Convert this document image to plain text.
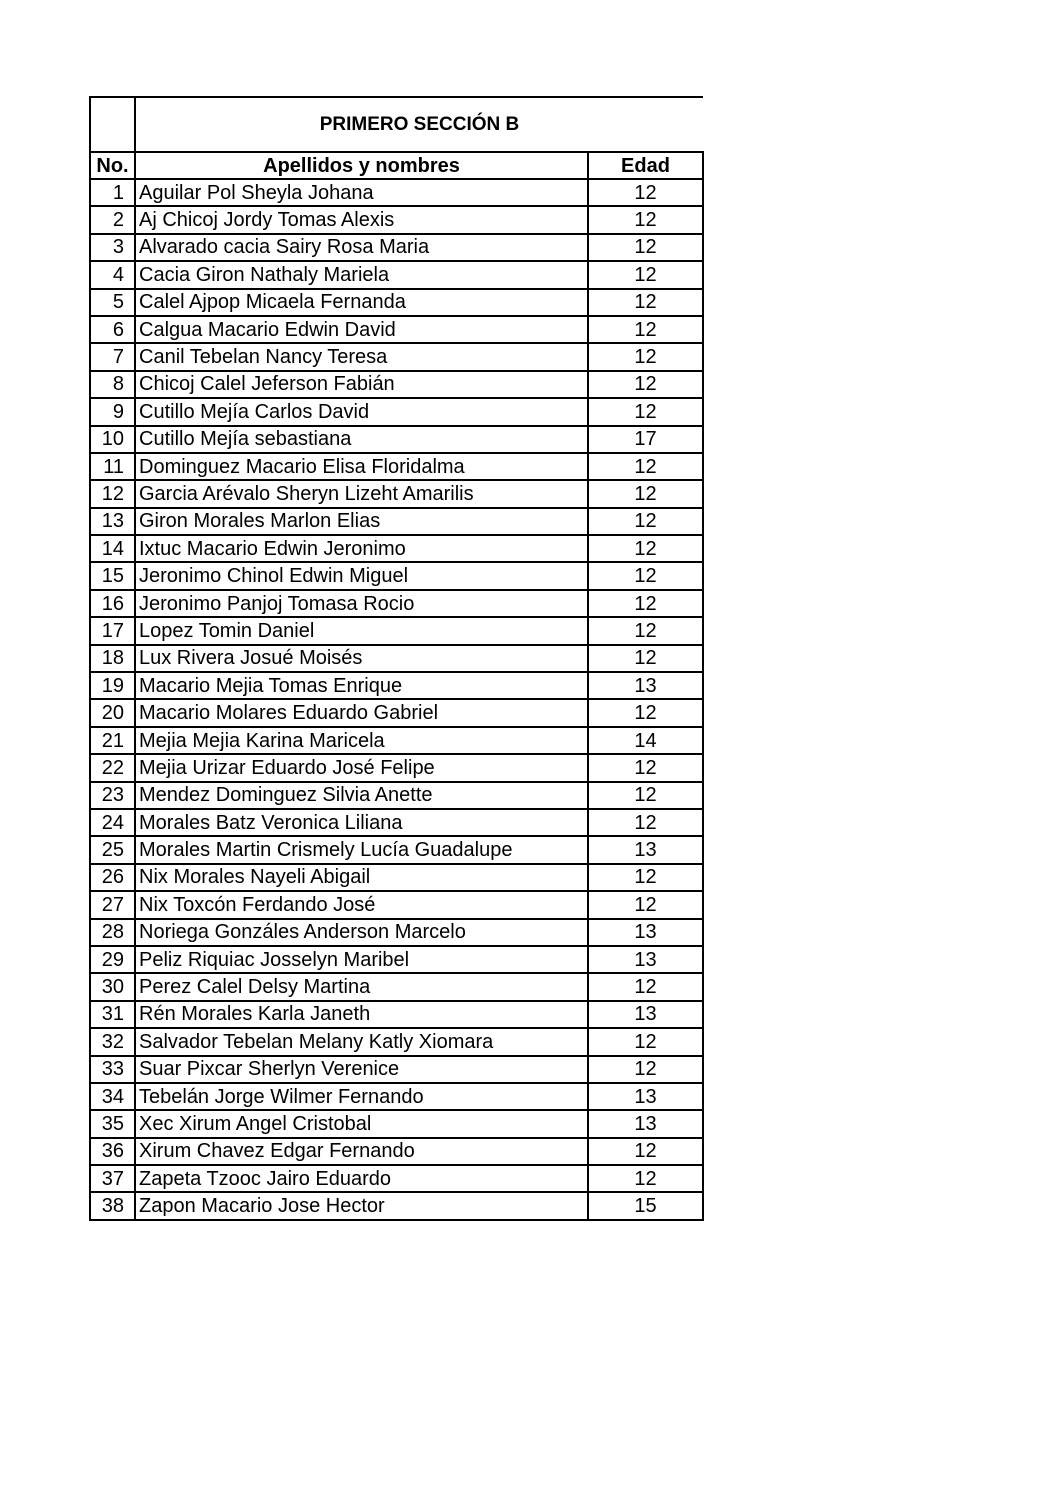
	PRIMERO SECCIÓN B	
No.	Apellidos y nombres	Edad
1	Aguilar Pol Sheyla Johana	12
2	Aj Chicoj Jordy Tomas Alexis	12
3	Alvarado cacia Sairy Rosa Maria	12
4	Cacia Giron Nathaly Mariela	12
5	Calel Ajpop Micaela Fernanda	12
6	Calgua Macario Edwin David	12
7	Canil Tebelan Nancy Teresa	12
8	Chicoj Calel Jeferson Fabián	12
9	Cutillo Mejía Carlos David	12
10	Cutillo Mejía sebastiana	17
11	Dominguez Macario Elisa Floridalma	12
12	Garcia Arévalo Sheryn Lizeht Amarilis	12
13	Giron Morales Marlon Elias	12
14	Ixtuc Macario Edwin Jeronimo	12
15	Jeronimo Chinol Edwin Miguel	12
16	Jeronimo Panjoj Tomasa Rocio	12
17	Lopez Tomin Daniel	12
18	Lux Rivera Josué Moisés	12
19	Macario Mejia Tomas Enrique	13
20	Macario Molares Eduardo Gabriel	12
21	Mejia Mejia Karina Maricela	14
22	Mejia Urizar Eduardo José Felipe	12
23	Mendez Dominguez Silvia Anette	12
24	Morales Batz Veronica Liliana	12
25	Morales Martin Crismely Lucía Guadalupe	13
26	Nix Morales Nayeli Abigail	12
27	Nix Toxcón Ferdando José	12
28	Noriega Gonzáles Anderson Marcelo	13
29	Peliz Riquiac Josselyn Maribel	13
30	Perez Calel Delsy Martina	12
31	Rén Morales Karla Janeth	13
32	Salvador Tebelan Melany Katly Xiomara	12
33	Suar Pixcar Sherlyn Verenice	12
34	Tebelán Jorge Wilmer Fernando	13
35	Xec Xirum Angel Cristobal	13
36	Xirum Chavez Edgar Fernando	12
37	Zapeta Tzooc Jairo Eduardo	12
38	Zapon Macario Jose Hector	15
